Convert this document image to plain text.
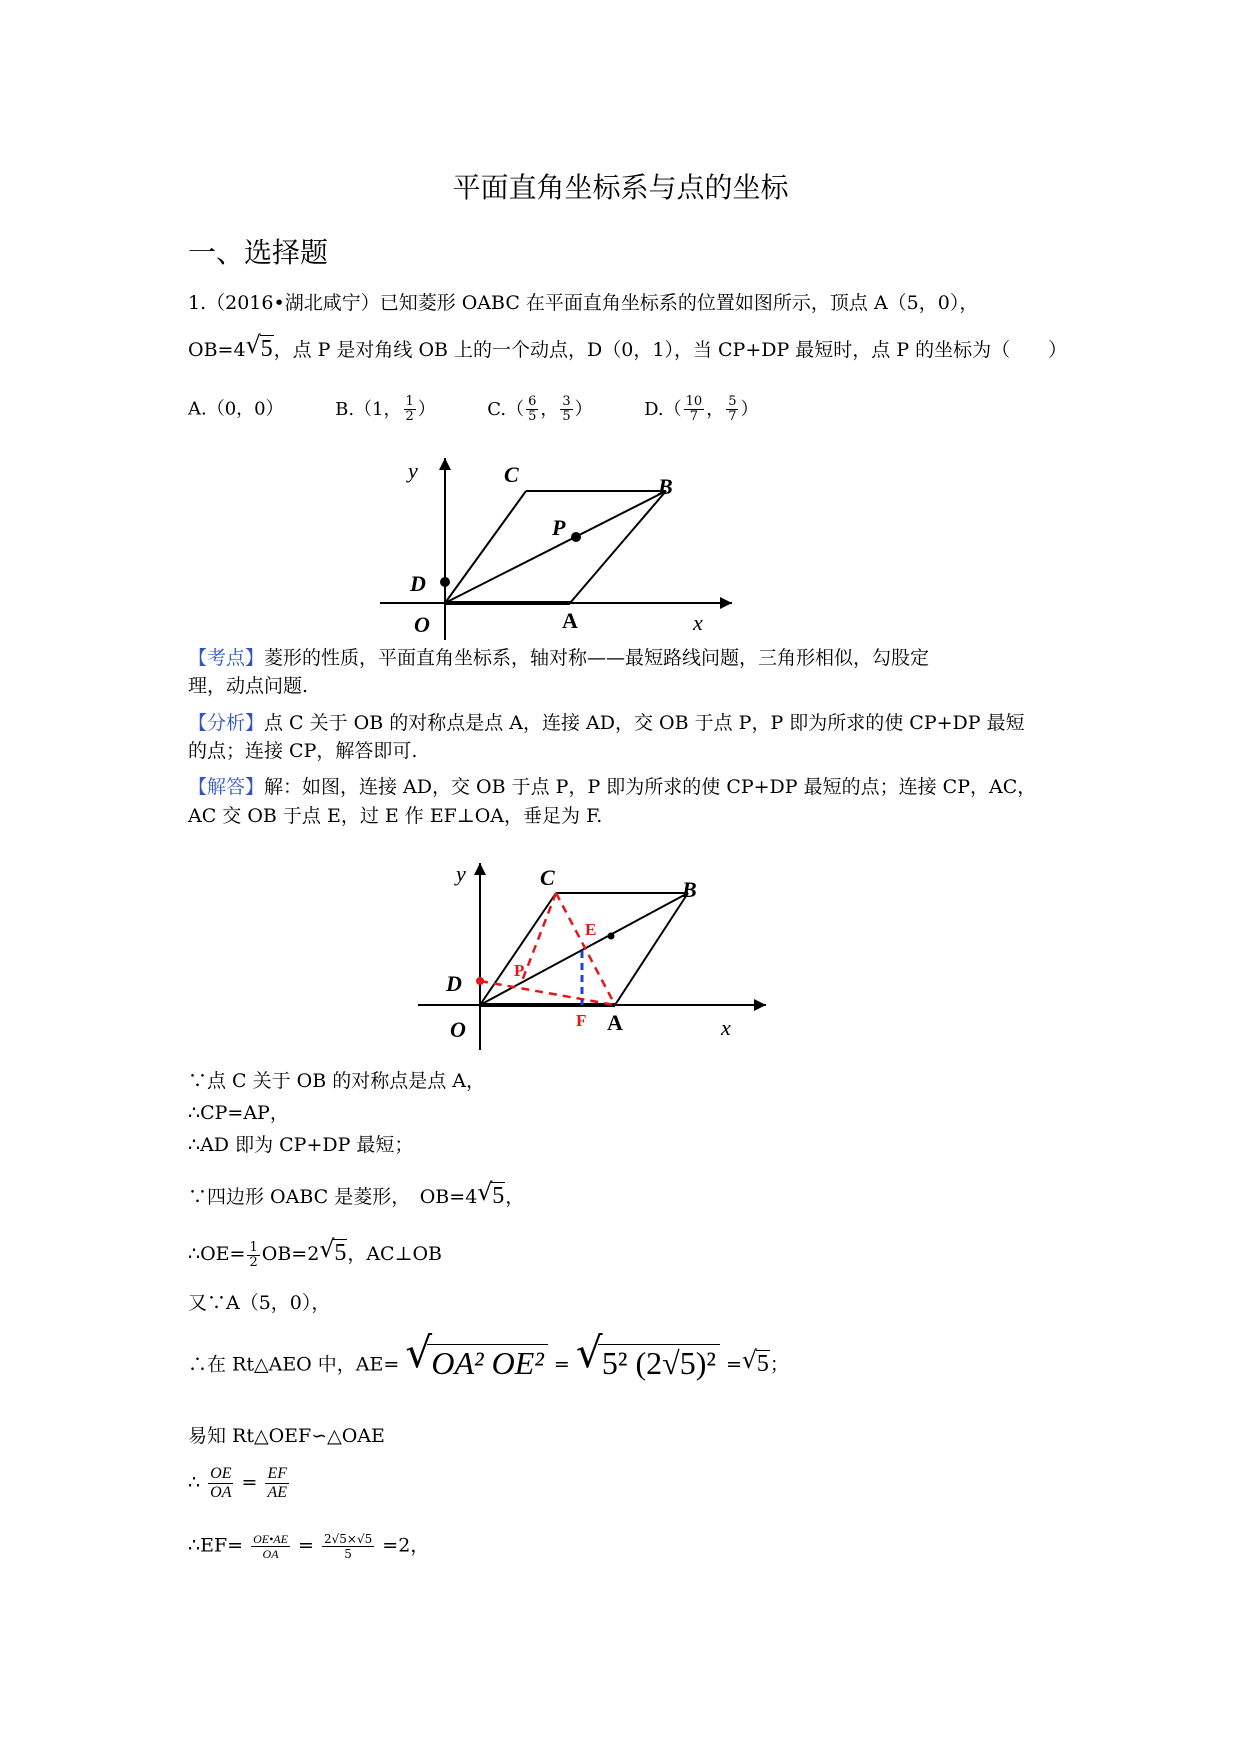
平面直角坐标系与点的坐标
一、选择题
1.（2016•湖北咸宁）已知菱形 OABC 在平面直角坐标系的位置如图所示，顶点 A（5，0），
OB=4 √ 5，点 P 是对角线 OB 上的一个动点，D（0，1），当 CP+DP 最短时，点 P 的坐标为（　　）
A.（0，0）	B.（1， $\frac{1}{2}$ ）	$C.( \frac{6}{5}$ ， $\frac{3}{5}$ ）	$D.( \frac{10}{7}$ ， $\frac{5}{7}$ ）
y
x
O	A
B
C
D
P
【考点】菱形的性质，平面直角坐标系，轴对称——最短路线问题，三角形相似，勾股定
理，动点问题.
【分析】点 C 关于 OB 的对称点是点 A，连接 AD，交 OB 于点 P，P 即为所求的使 CP+DP 最短
的点；连接 CP，解答即可.
【解答】解：如图，连接 AD，交 OB 于点 P，P 即为所求的使 CP+DP 最短的点；连接 CP，AC，
AC 交 OB 于点 E，过 E 作 EF⊥OA，垂足为 F.
y
x
O	A
B
C
D
P
E
F
∵点 C 关于 OB 的对称点是点 A，
∴CP=AP，
∴AD 即为 CP+DP 最短；
∵四边形 OABC 是菱形，　OB=4 √ 5，
∴OE= $\frac{1}{2} OB=2$ √ 5，AC⊥OB
又∵A（5，0），
∴在 Rt△AEO 中，AE= √ OA² OE² = √ 5² (2√5)² = √ 5；
易知 Rt△OEF∽△OAE
∴ $\frac{OE}{OA} = \frac{EF}{AE}$
∴EF= $\frac{OE•AE}{OA} = \frac{2√5\times√5}{5} =2$，
